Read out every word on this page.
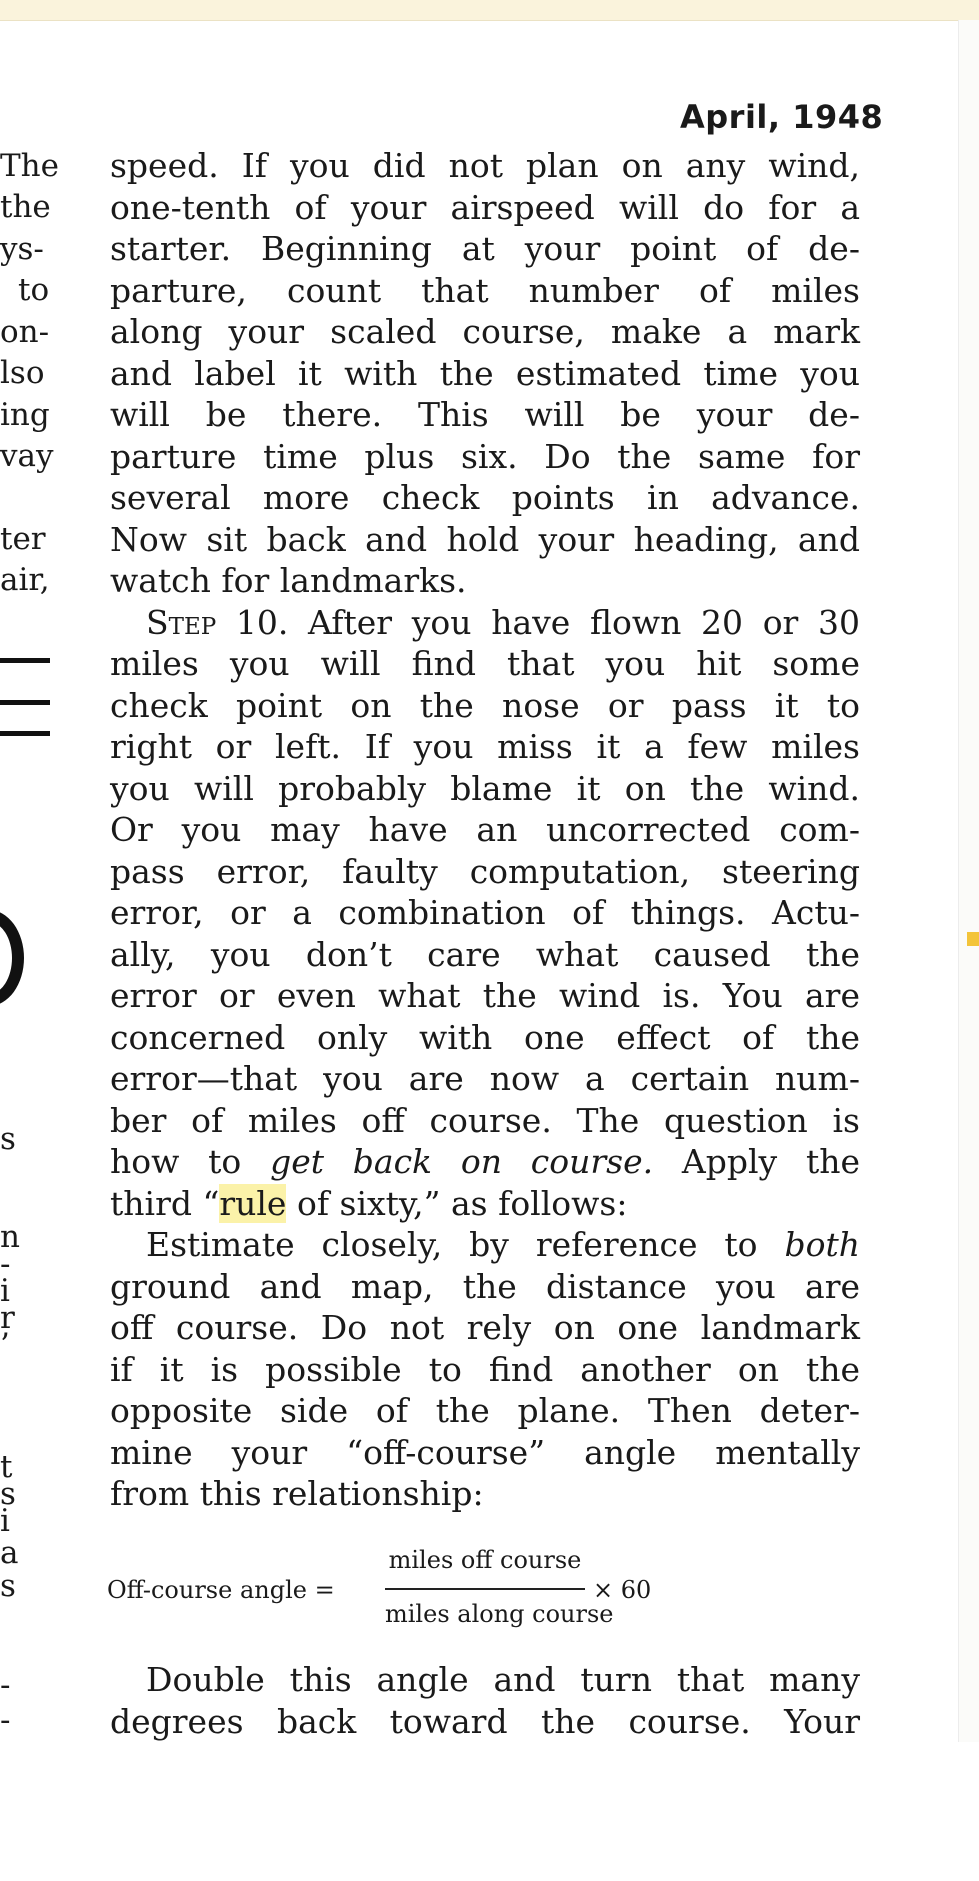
April, 1948
The
the
ys-
to
on-
lso
ing
vay
ter
air,
s
n
-
i
r
’
t
s
i
a
s
-
-
speed. If you did not plan on any wind,
one-tenth of your airspeed will do for a
starter. Beginning at your point of de-
parture, count that number of miles
along your scaled course, make a mark
and label it with the estimated time you
will be there. This will be your de-
parture time plus six. Do the same for
several more check points in advance.
Now sit back and hold your heading, and
watch for landmarks.
Step 10. After you have flown 20 or 30
miles you will find that you hit some
check point on the nose or pass it to
right or left. If you miss it a few miles
you will probably blame it on the wind.
Or you may have an uncorrected com-
pass error, faulty computation, steering
error, or a combination of things. Actu-
ally, you don’t care what caused the
error or even what the wind is. You are
concerned only with one effect of the
error—that you are now a certain num-
ber of miles off course. The question is
how to get back on course. Apply the
third “rule of sixty,” as follows:
Estimate closely, by reference to both
ground and map, the distance you are
off course. Do not rely on one landmark
if it is possible to find another on the
opposite side of the plane. Then deter-
mine your “off-course” angle mentally
from this relationship:
Off-course angle =
miles off course
miles along course
× 60
Double this angle and turn that many
degrees back toward the course. Your
